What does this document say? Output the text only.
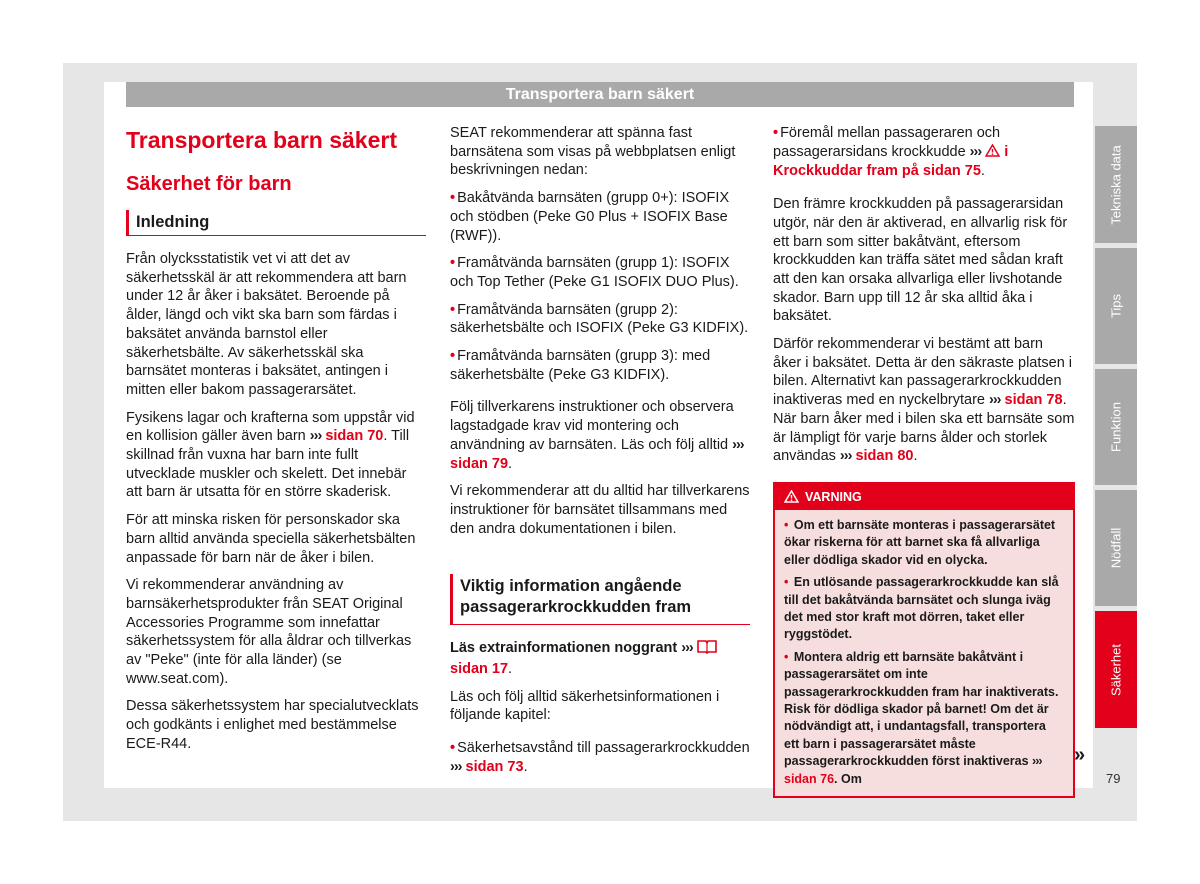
Transportera barn säkert
Transportera barn säkert
Säkerhet för barn
Inledning

Från olycksstatistik vet vi att det av säkerhetsskäl är att rekommendera att barn under 12 år åker i baksätet. Beroende på ålder, längd och vikt ska barn som färdas i baksätet använda barnstol eller säkerhetsbälte. Av säkerhetsskäl ska barnsätet monteras i baksätet, antingen i mitten eller bakom passagerarsätet.

Fysikens lagar och krafterna som uppstår vid en kollision gäller även barn ››› sidan 70. Till skillnad från vuxna har barn inte fullt utvecklade muskler och skelett. Det innebär att barn är utsatta för en större skaderisk.

För att minska risken för personskador ska barn alltid använda speciella säkerhetsbälten anpassade för barn när de åker i bilen.

Vi rekommenderar användning av barnsäkerhetsprodukter från SEAT Original Accessories Programme som innefattar säkerhetssystem för alla åldrar och tillverkas av "Peke" (inte för alla länder) (se www.seat.com).

Dessa säkerhetssystem har specialutvecklats och godkänts i enlighet med bestämmelse ECE-R44.

SEAT rekommenderar att spänna fast barnsätena som visas på webbplatsen enligt beskrivningen nedan:

• Bakåtvända barnsäten (grupp 0+): ISOFIX och stödben (Peke G0 Plus + ISOFIX Base (RWF)).

• Framåtvända barnsäten (grupp 1): ISOFIX och Top Tether (Peke G1 ISOFIX DUO Plus).

• Framåtvända barnsäten (grupp 2): säkerhetsbälte och ISOFIX (Peke G3 KIDFIX).

• Framåtvända barnsäten (grupp 3): med säkerhetsbälte (Peke G3 KIDFIX).

Följ tillverkarens instruktioner och observera lagstadgade krav vid montering och användning av barnsäten. Läs och följ alltid ››› sidan 79.

Vi rekommenderar att du alltid har tillverkarens instruktioner för barnsätet tillsammans med den andra dokumentationen i bilen.

Viktig information angående passagerarkrockkudden fram

Läs extrainformationen noggrant ›››  sidan 17.

Läs och följ alltid säkerhetsinformationen i följande kapitel:

• Säkerhetsavstånd till passagerarkrockkudden ››› sidan 73.

• Föremål mellan passageraren och passagerarsidans krockkudde ››› i Krockkuddar fram på sidan 75.

Den främre krockkudden på passagerarsidan utgör, när den är aktiverad, en allvarlig risk för ett barn som sitter bakåtvänt, eftersom krockkudden kan träffa sätet med sådan kraft att den kan orsaka allvarliga eller livshotande skador. Barn upp till 12 år ska alltid åka i baksätet.

Därför rekommenderar vi bestämt att barn åker i baksätet. Detta är den säkraste platsen i bilen. Alternativt kan passagerarkrockkudden inaktiveras med en nyckelbrytare ››› sidan 78. När barn åker med i bilen ska ett barnsäte som är lämpligt för varje barns ålder och storlek användas ››› sidan 80.

VARNING

• Om ett barnsäte monteras i passagerarsätet ökar riskerna för att barnet ska få allvarliga eller dödliga skador vid en olycka.

• En utlösande passagerarkrockkudde kan slå till det bakåtvända barnsätet och slunga iväg det med stor kraft mot dörren, taket eller ryggstödet.

• Montera aldrig ett barnsäte bakåtvänt i passagerarsätet om inte passagerarkrockkudden fram har inaktiverats. Risk för dödliga skador på barnet! Om det är nödvändigt att, i undantagsfall, transportera ett barn i passagerarsätet måste passagerarkrockkudden först inaktiveras ››› sidan 76. Om

»
Tekniska data
Tips
Funktion
Nödfall
Säkerhet
79
